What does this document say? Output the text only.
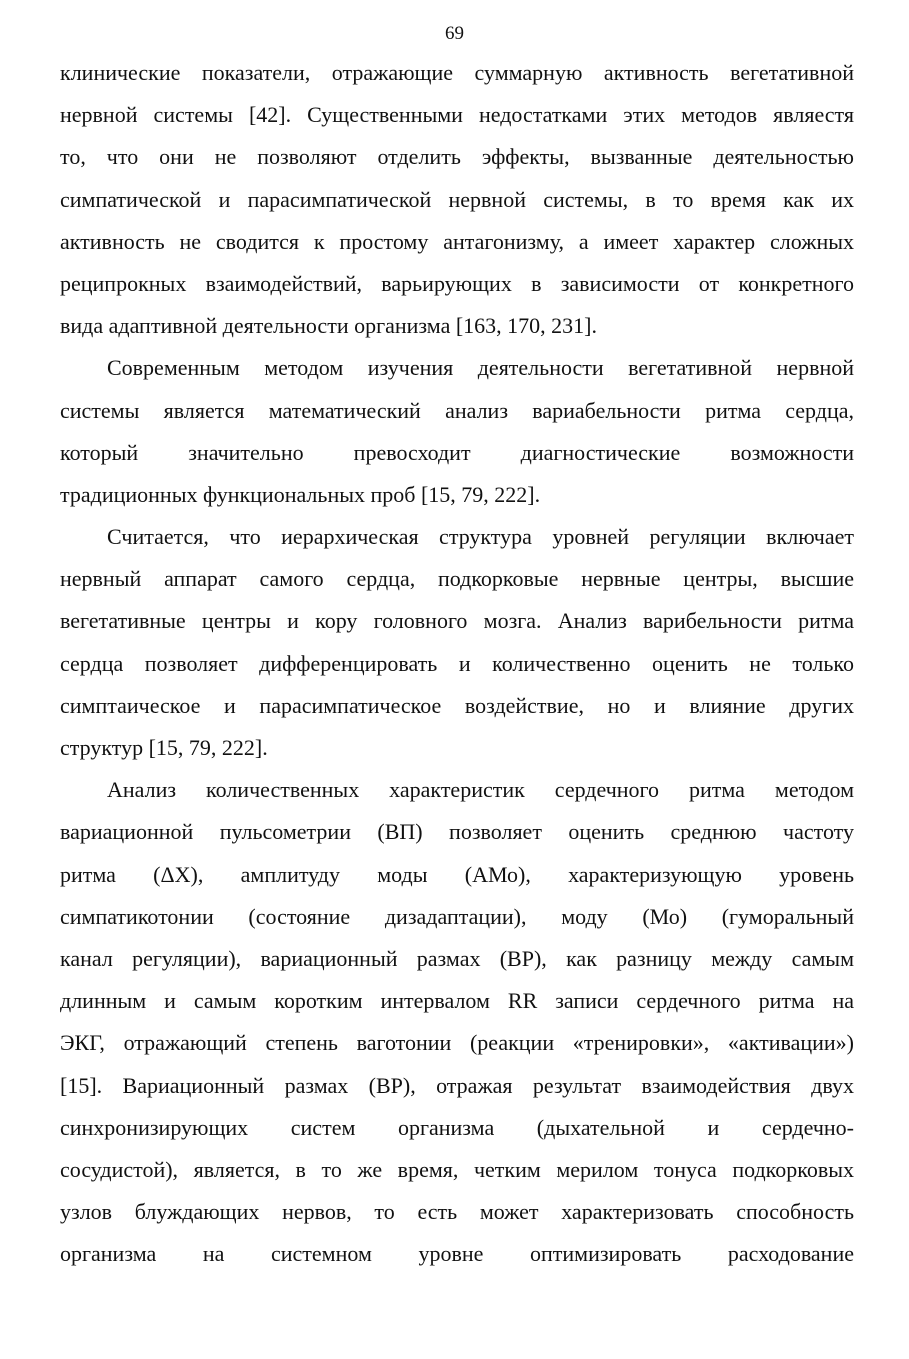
69
клинические показатели, отражающие суммарную активность вегетативной
нервной системы [42]. Существенными недостатками этих методов являестя
то, что они не позволяют отделить эффекты, вызванные деятельностью
симпатической и парасимпатической нервной системы, в то время как их
активность не сводится к простому антагонизму, а имеет характер сложных
реципрокных взаимодействий, варьирующих в зависимости от конкретного
вида адаптивной деятельности организма [163, 170, 231].
Современным методом изучения деятельности вегетативной нервной
системы является математический анализ вариабельности ритма сердца,
который значительно превосходит диагностические возможности
традиционных функциональных проб [15, 79, 222].
Считается, что иерархическая структура уровней регуляции включает
нервный аппарат самого сердца, подкорковые нервные центры, высшие
вегетативные центры и кору головного мозга. Анализ варибельности ритма
сердца позволяет дифференцировать и количественно оценить не только
симптаическое и парасимпатическое воздействие, но и влияние других
структур [15, 79, 222].
Анализ количественных характеристик сердечного ритма методом
вариационной пульсометрии (ВП) позволяет оценить среднюю частоту
ритма (ΔX), амплитуду моды (АМо), характеризующую уровень
симпатикотонии (состояние дизадаптации), моду (Мо) (гуморальный
канал регуляции), вариационный размах (ВР), как разницу между самым
длинным и самым коротким интервалом RR записи сердечного ритма на
ЭКГ, отражающий степень ваготонии (реакции «тренировки», «активации»)
[15]. Вариационный размах (ВР), отражая результат взаимодействия двух
синхронизирующих систем организма (дыхательной и сердечно-
сосудистой), является, в то же время, четким мерилом тонуса подкорковых
узлов блуждающих нервов, то есть может характеризовать способность
организма на системном уровне оптимизировать расходование
